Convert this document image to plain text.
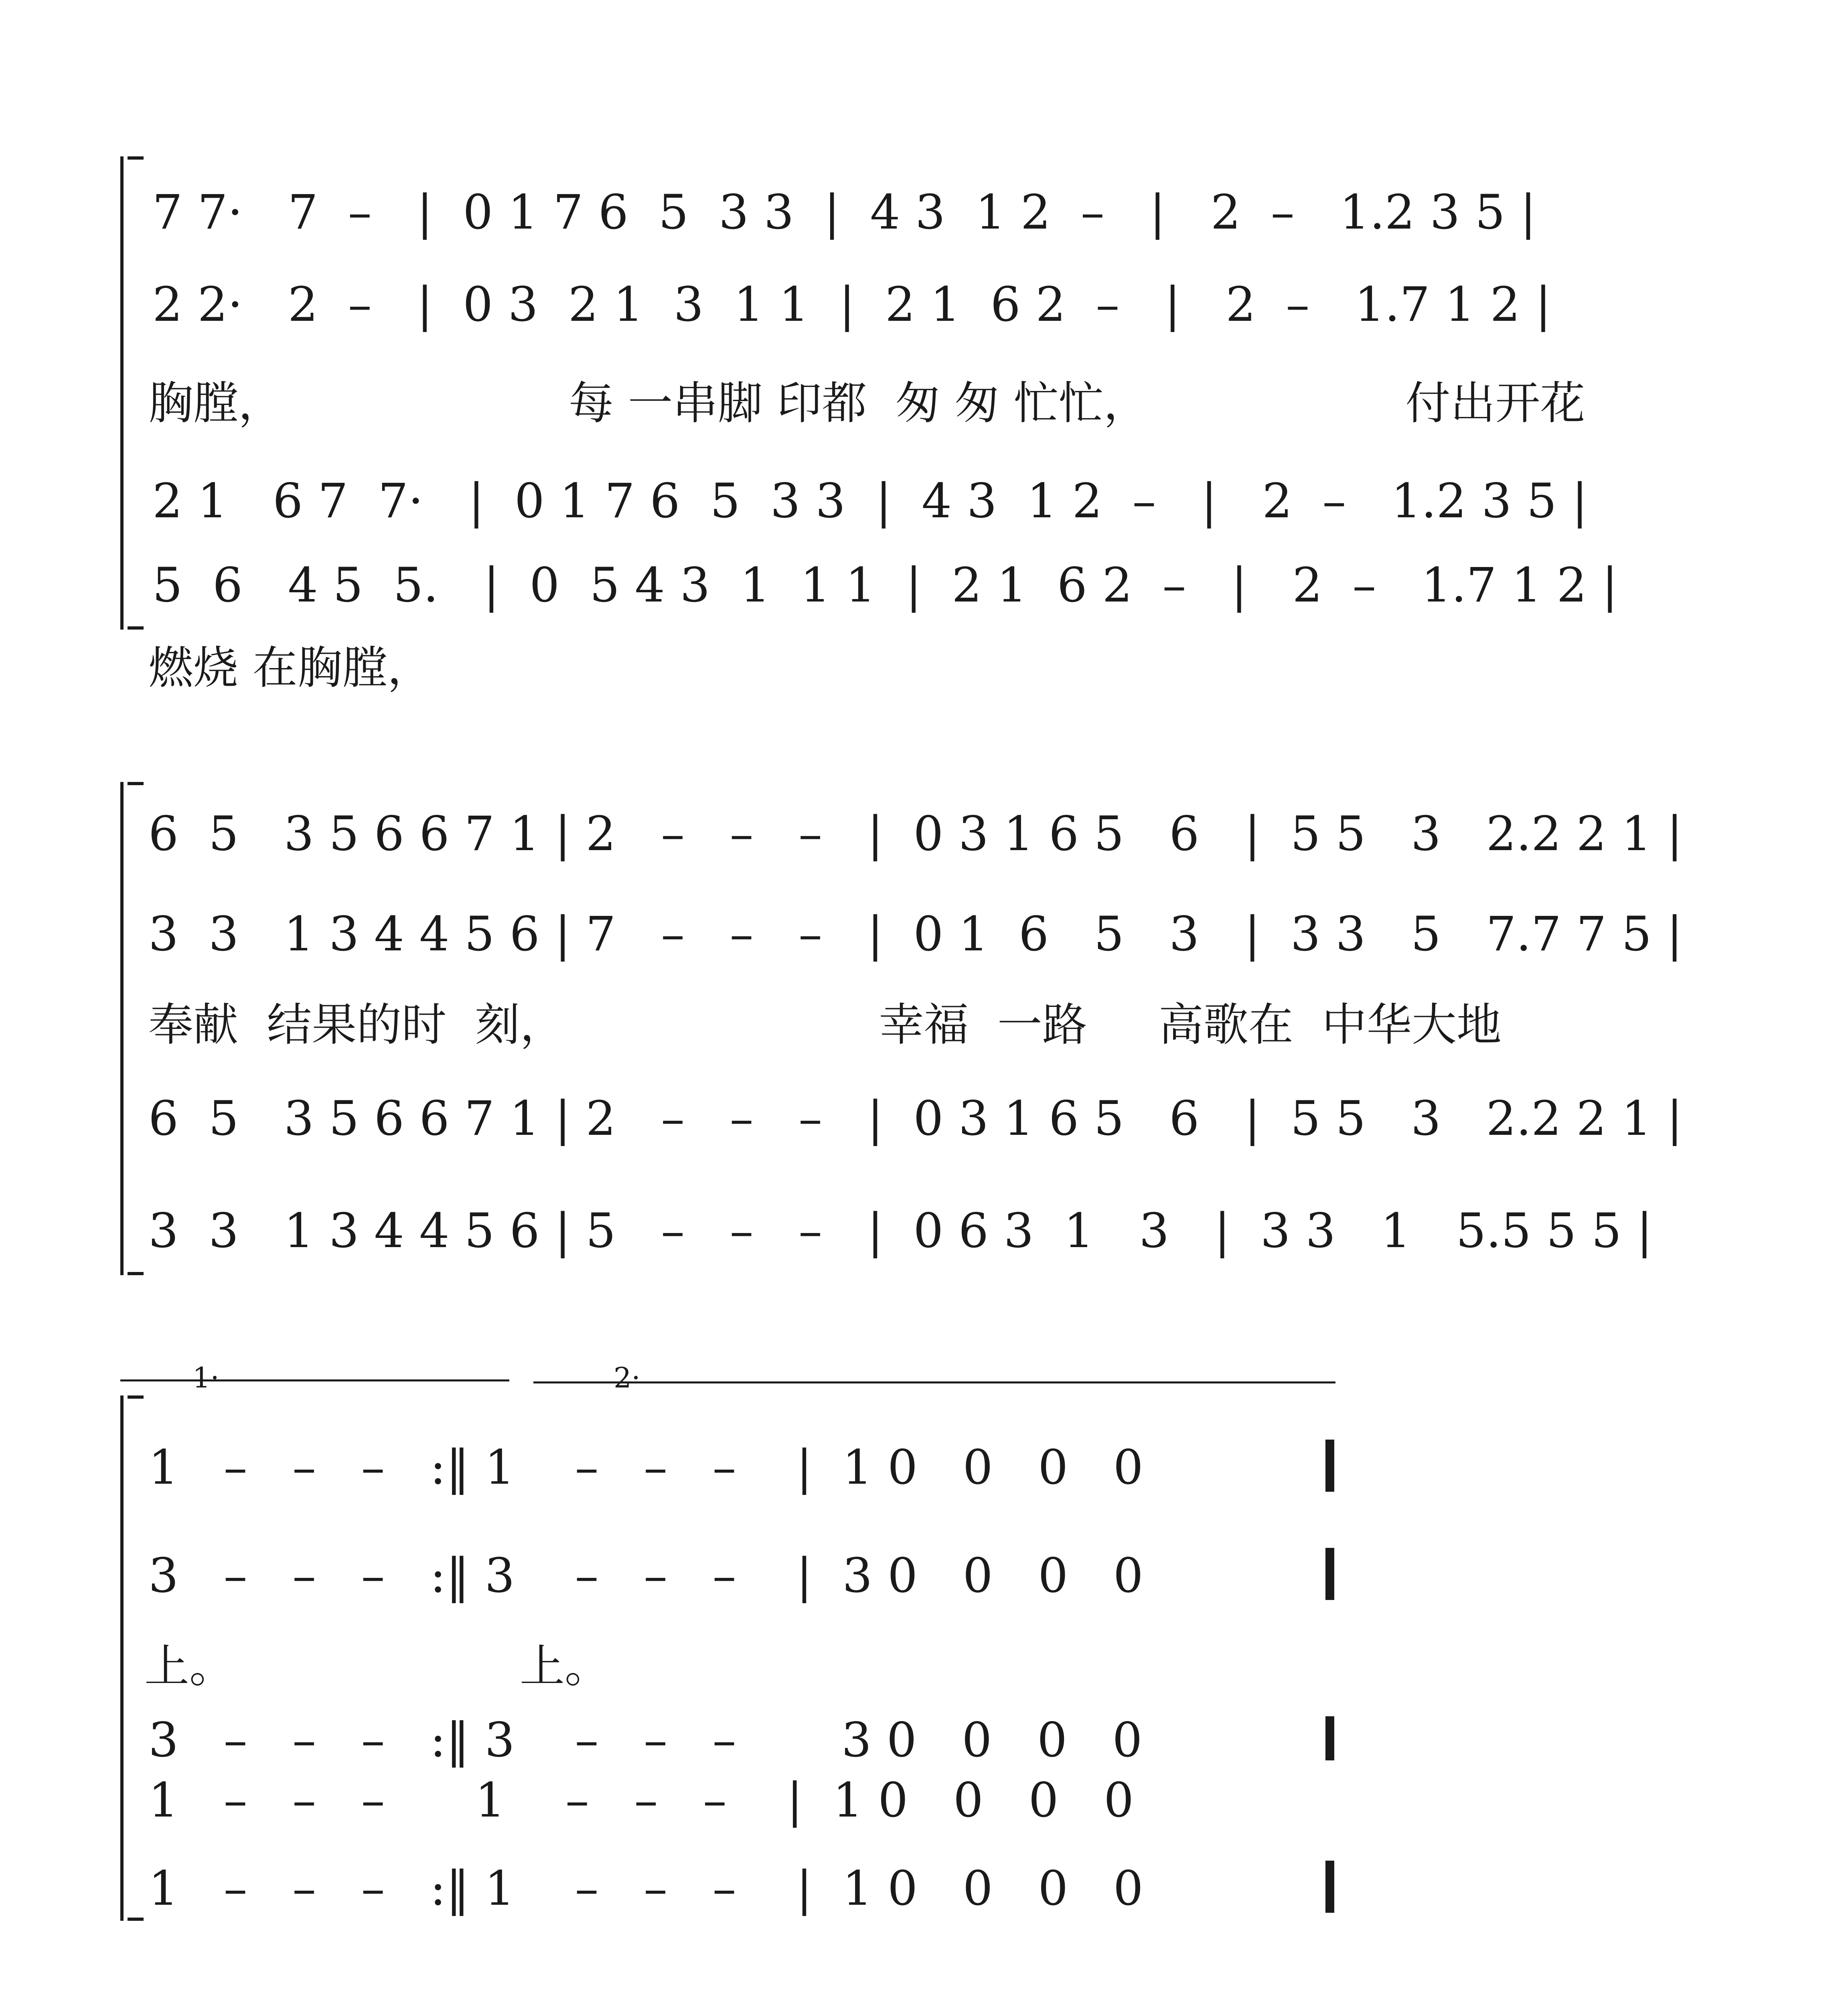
7 7·   7  –   |  0 1 7 6  5  3 3  |  4 3  1 2  –   |   2  –   1.2 3 5 |
2 2·   2  –   |  0 3  2 1  3  1 1  |  2 1  6 2  –   |   2  –   1.7 1 2 |
胸膛，                    每 一串脚 印都  匆 匆 忙忙，                  付出开花
2 1   6 7  7·   |  0 1 7 6  5  3 3  |  4 3  1 2  –   |   2  –   1.2 3 5 |
5  6   4 5  5.   |  0  5 4 3  1  1 1  |  2 1  6 2  –   |   2  –   1.7 1 2 |
燃烧 在胸膛，
6  5   3 5 6 6 7 1 | 2   –   –   –   |  0 3 1 6 5   6   |  5 5   3   2.2 2 1 |
3  3   1 3 4 4 5 6 | 7   –   –   –   |  0 1  6   5   3   |  3 3   5   7.7 7 5 |
奉献  结果的时  刻，                      幸福  一路     高歌在  中华大地
6  5   3 5 6 6 7 1 | 2   –   –   –   |  0 3 1 6 5   6   |  5 5   3   2.2 2 1 |
3  3   1 3 4 4 5 6 | 5   –   –   –   |  0 6 3  1   3   |  3 3   1   5.5 5 5 |
1·	2·
1   –   –   –   :‖ 1    –   –   –    |  1 0   0   0   0
3   –   –   –   :‖ 3    –   –   –    |  3 0   0   0   0
上。                    上。
3   –   –   –   :‖ 3    –   –   –       3 0   0   0   0
1   –   –   –      1    –   –   –    |  1 0   0   0   0
1   –   –   –   :‖ 1    –   –   –    |  1 0   0   0   0
